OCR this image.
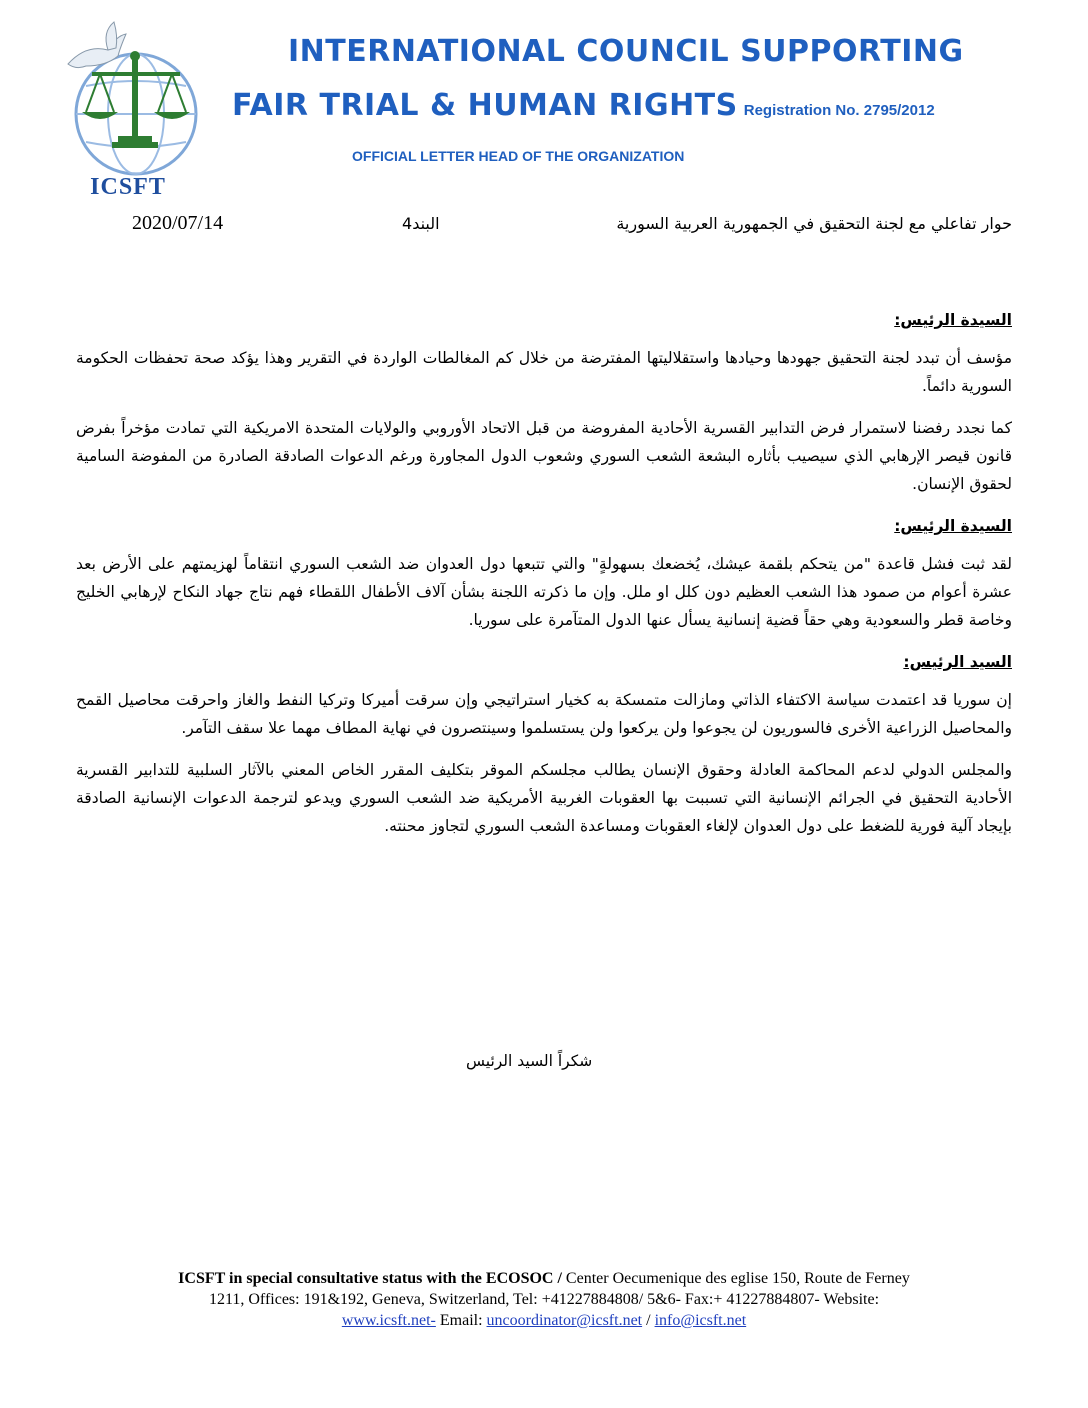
ICSFT
INTERNATIONAL COUNCIL SUPPORTING
FAIR TRIAL & HUMAN RIGHTS Registration No. 2795/2012
OFFICIAL LETTER HEAD OF THE ORGANIZATION
2020/07/14	البند4	حوار تفاعلي مع لجنة التحقيق في الجمهورية العربية السورية

السيدة الرئيس:

مؤسف أن تبدد لجنة التحقيق جهودها وحيادها واستقلاليتها المفترضة من خلال كم المغالطات الواردة في التقرير وهذا يؤكد صحة تحفظات الحكومة السورية دائماً.

كما نجدد رفضنا لاستمرار فرض التدابير القسرية الأحادية المفروضة من قبل الاتحاد الأوروبي والولايات المتحدة الامريكية التي تمادت مؤخراً بفرض قانون قيصر الإرهابي الذي سيصيب بأثاره البشعة الشعب السوري وشعوب الدول المجاورة ورغم الدعوات الصادقة الصادرة من المفوضة السامية لحقوق الإنسان.

السيدة الرئيس:

لقد ثبت فشل قاعدة "من يتحكم بلقمة عيشك، يُخضعك بسهولةٍ" والتي تتبعها دول العدوان ضد الشعب السوري انتقاماً لهزيمتهم على الأرض بعد عشرة أعوام من صمود هذا الشعب العظيم دون كلل او ملل. وإن ما ذكرته اللجنة بشأن آلاف الأطفال اللقطاء فهم نتاج جهاد النكاح لإرهابي الخليج وخاصة قطر والسعودية وهي حقاً قضية إنسانية يسأل عنها الدول المتآمرة على سوريا.

السيد الرئيس:

إن سوريا قد اعتمدت سياسة الاكتفاء الذاتي ومازالت متمسكة به كخيار استراتيجي وإن سرقت أميركا وتركيا النفط والغاز واحرقت محاصيل القمح والمحاصيل الزراعية الأخرى فالسوريون لن يجوعوا ولن يركعوا ولن يستسلموا وسينتصرون في نهاية المطاف مهما علا سقف التآمر.

والمجلس الدولي لدعم المحاكمة العادلة وحقوق الإنسان يطالب مجلسكم الموقر بتكليف المقرر الخاص المعني بالآثار السلبية للتدابير القسرية الأحادية التحقيق في الجرائم الإنسانية التي تسببت بها العقوبات الغربية الأمريكية ضد الشعب السوري ويدعو لترجمة الدعوات الإنسانية الصادقة بإيجاد آلية فورية للضغط على دول العدوان لإلغاء العقوبات ومساعدة الشعب السوري لتجاوز محنته.

شكراً السيد الرئيس
ICSFT in special consultative status with the ECOSOC / Center Oecumenique des eglise 150, Route de Ferney
1211, Offices: 191&192, Geneva, Switzerland, Tel: +41227884808/ 5&6- Fax:+ 41227884807- Website:
www.icsft.net- Email: uncoordinator@icsft.net / info@icsft.net
